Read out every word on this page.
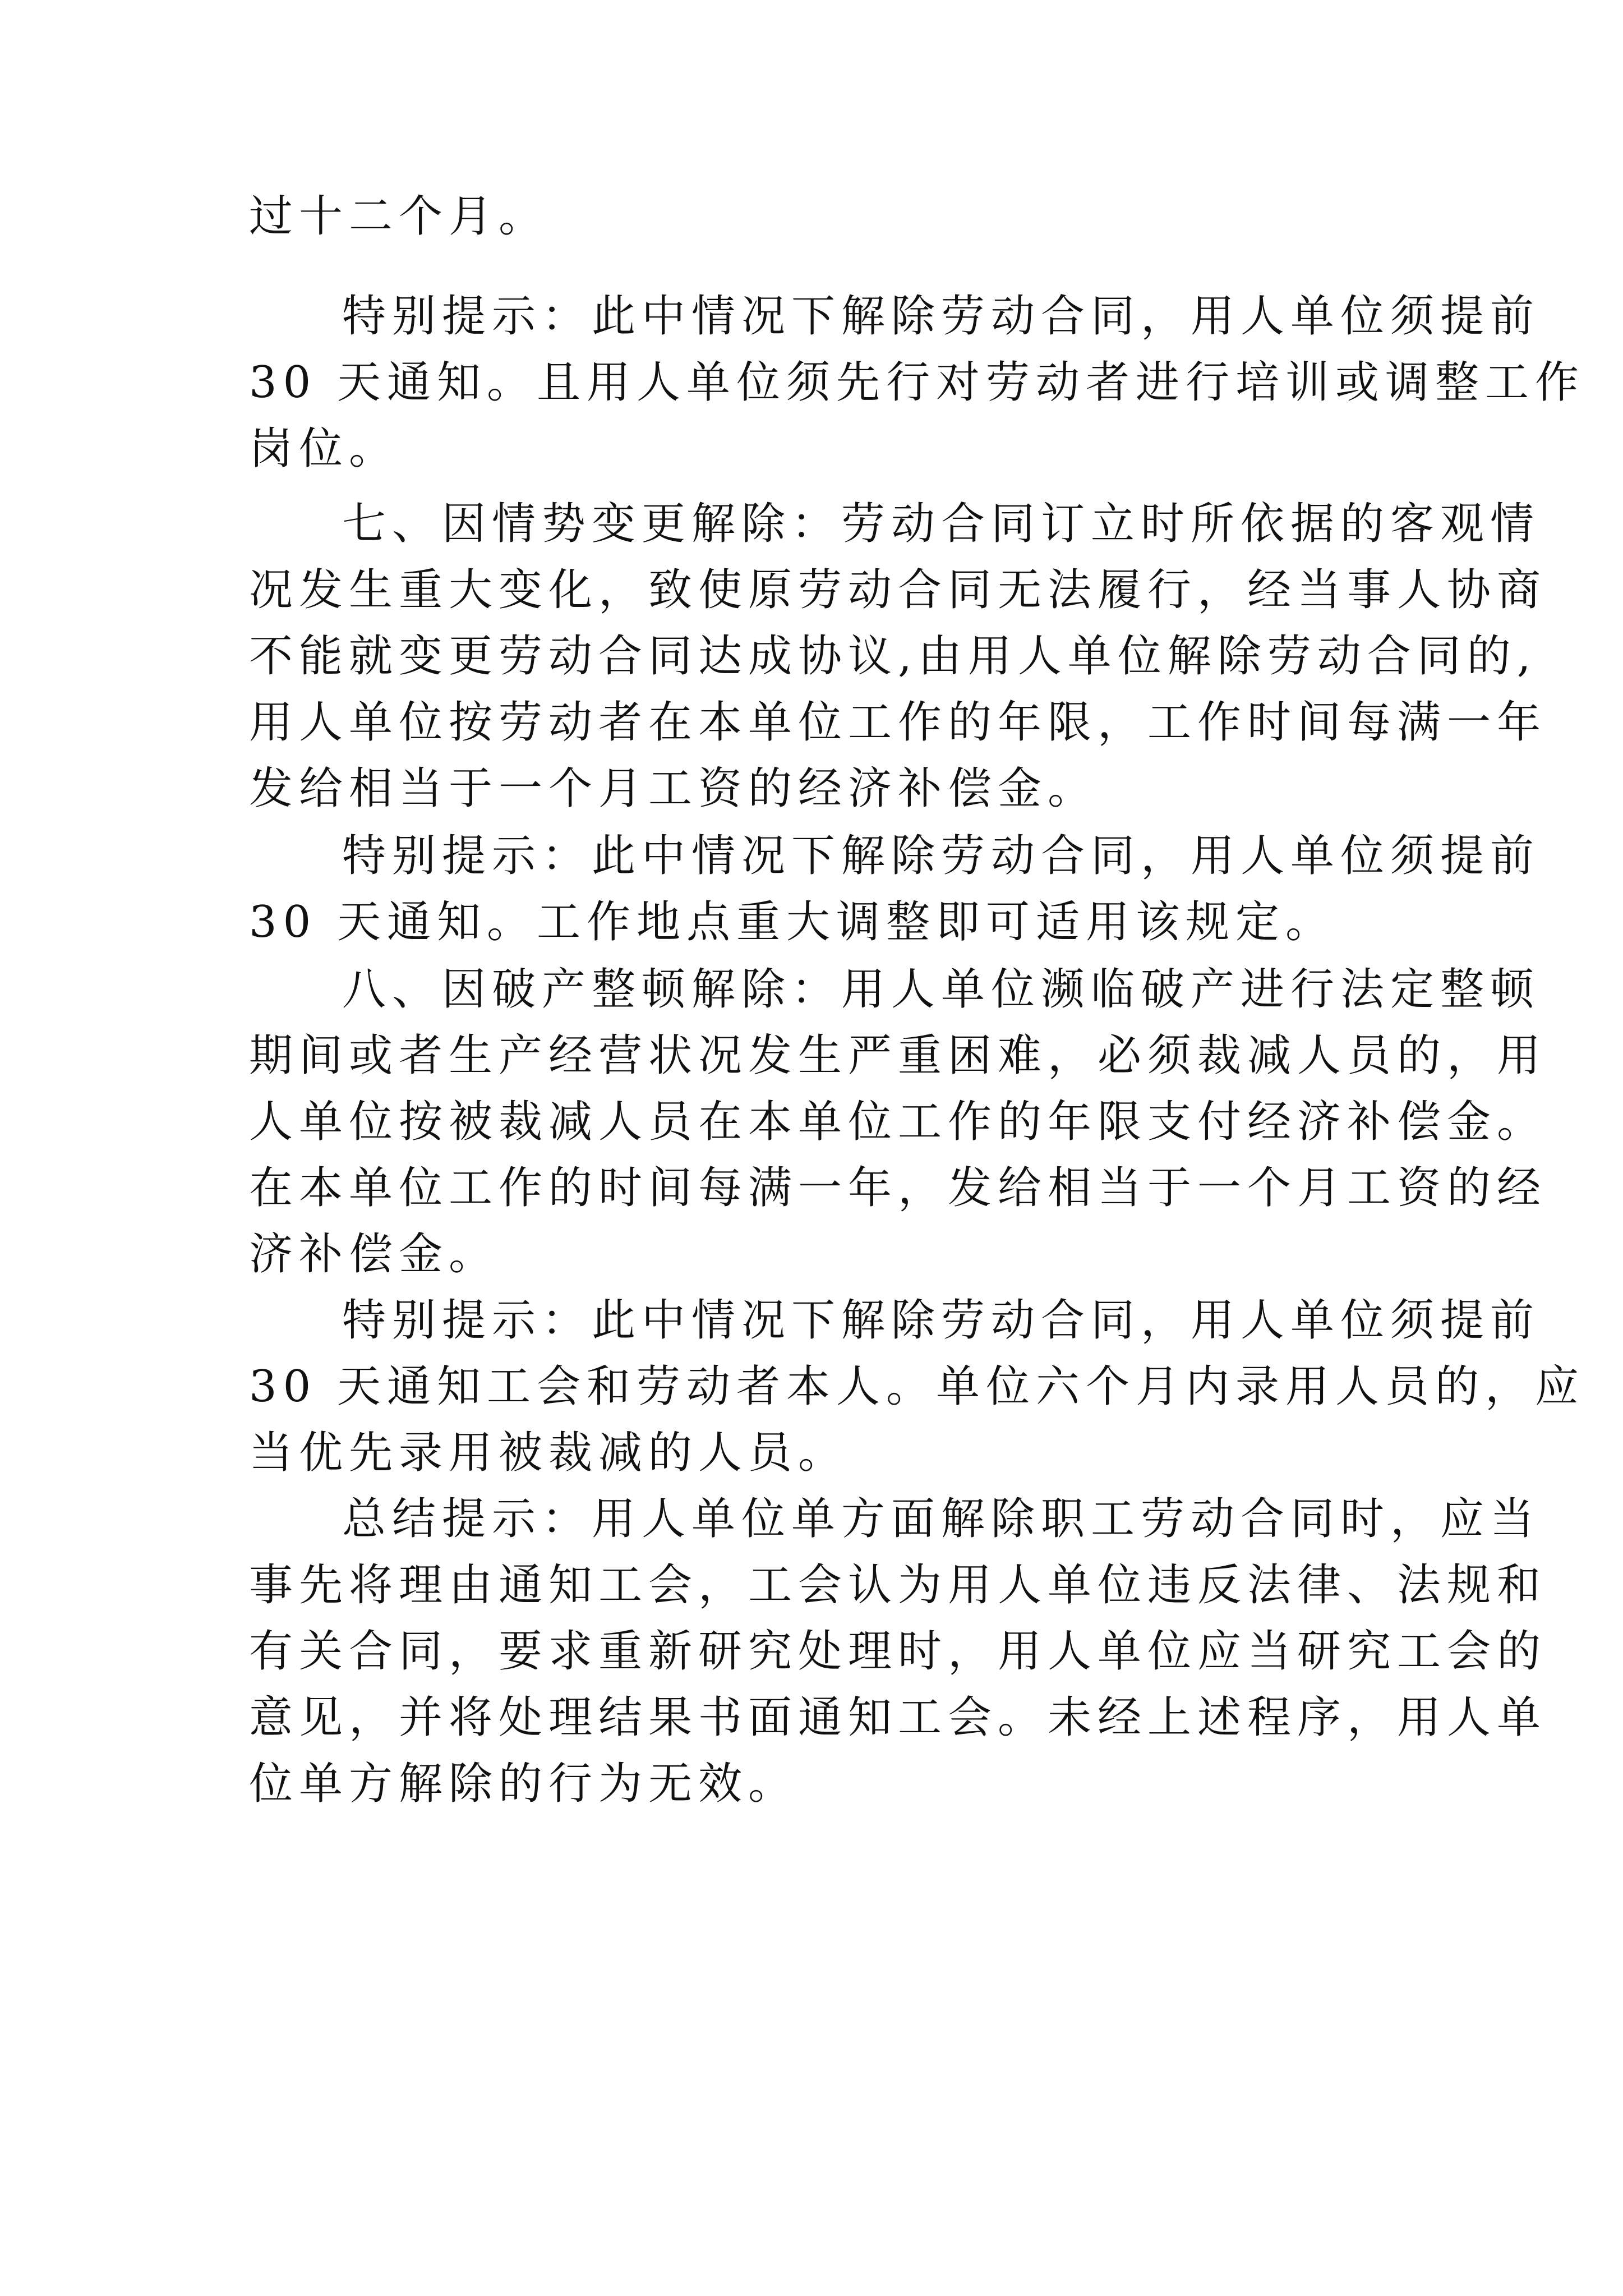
过十二个月。
特别提示：此中情况下解除劳动合同，用人单位须提前
30 天通知。且用人单位须先行对劳动者进行培训或调整工作
岗位。
七、因情势变更解除：劳动合同订立时所依据的客观情
况发生重大变化，致使原劳动合同无法履行，经当事人协商
不能就变更劳动合同达成协议,由用人单位解除劳动合同的,
用人单位按劳动者在本单位工作的年限，工作时间每满一年
发给相当于一个月工资的经济补偿金。
特别提示：此中情况下解除劳动合同，用人单位须提前
30 天通知。工作地点重大调整即可适用该规定。
八、因破产整顿解除：用人单位濒临破产进行法定整顿
期间或者生产经营状况发生严重困难，必须裁减人员的，用
人单位按被裁减人员在本单位工作的年限支付经济补偿金。
在本单位工作的时间每满一年，发给相当于一个月工资的经
济补偿金。
特别提示：此中情况下解除劳动合同，用人单位须提前
30 天通知工会和劳动者本人。单位六个月内录用人员的，应
当优先录用被裁减的人员。
总结提示：用人单位单方面解除职工劳动合同时，应当
事先将理由通知工会，工会认为用人单位违反法律、法规和
有关合同，要求重新研究处理时，用人单位应当研究工会的
意见，并将处理结果书面通知工会。未经上述程序，用人单
位单方解除的行为无效。
